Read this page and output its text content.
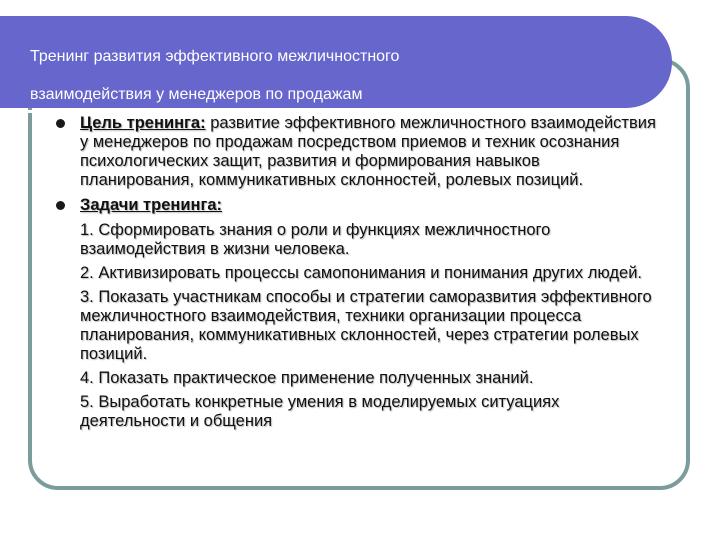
Тренинг развития эффективного межличностного
взаимодействия у менеджеров по продажам
Цель тренинга: развитие эффективного межличностного взаимодействия у менеджеров по продажам посредством приемов и техник осознания психологических защит, развития и формирования навыков планирования, коммуникативных склонностей, ролевых позиций.
Задачи тренинга:
1. Сформировать знания о роли и функциях межличностного взаимодействия в жизни человека.
2. Активизировать процессы самопонимания и понимания других людей.
3. Показать участникам способы и стратегии саморазвития эффективного межличностного взаимодействия, техники организации процесса планирования, коммуникативных склонностей, через стратегии ролевых позиций.
4. Показать практическое применение полученных знаний.
5. Выработать конкретные умения в моделируемых ситуациях деятельности и общения
